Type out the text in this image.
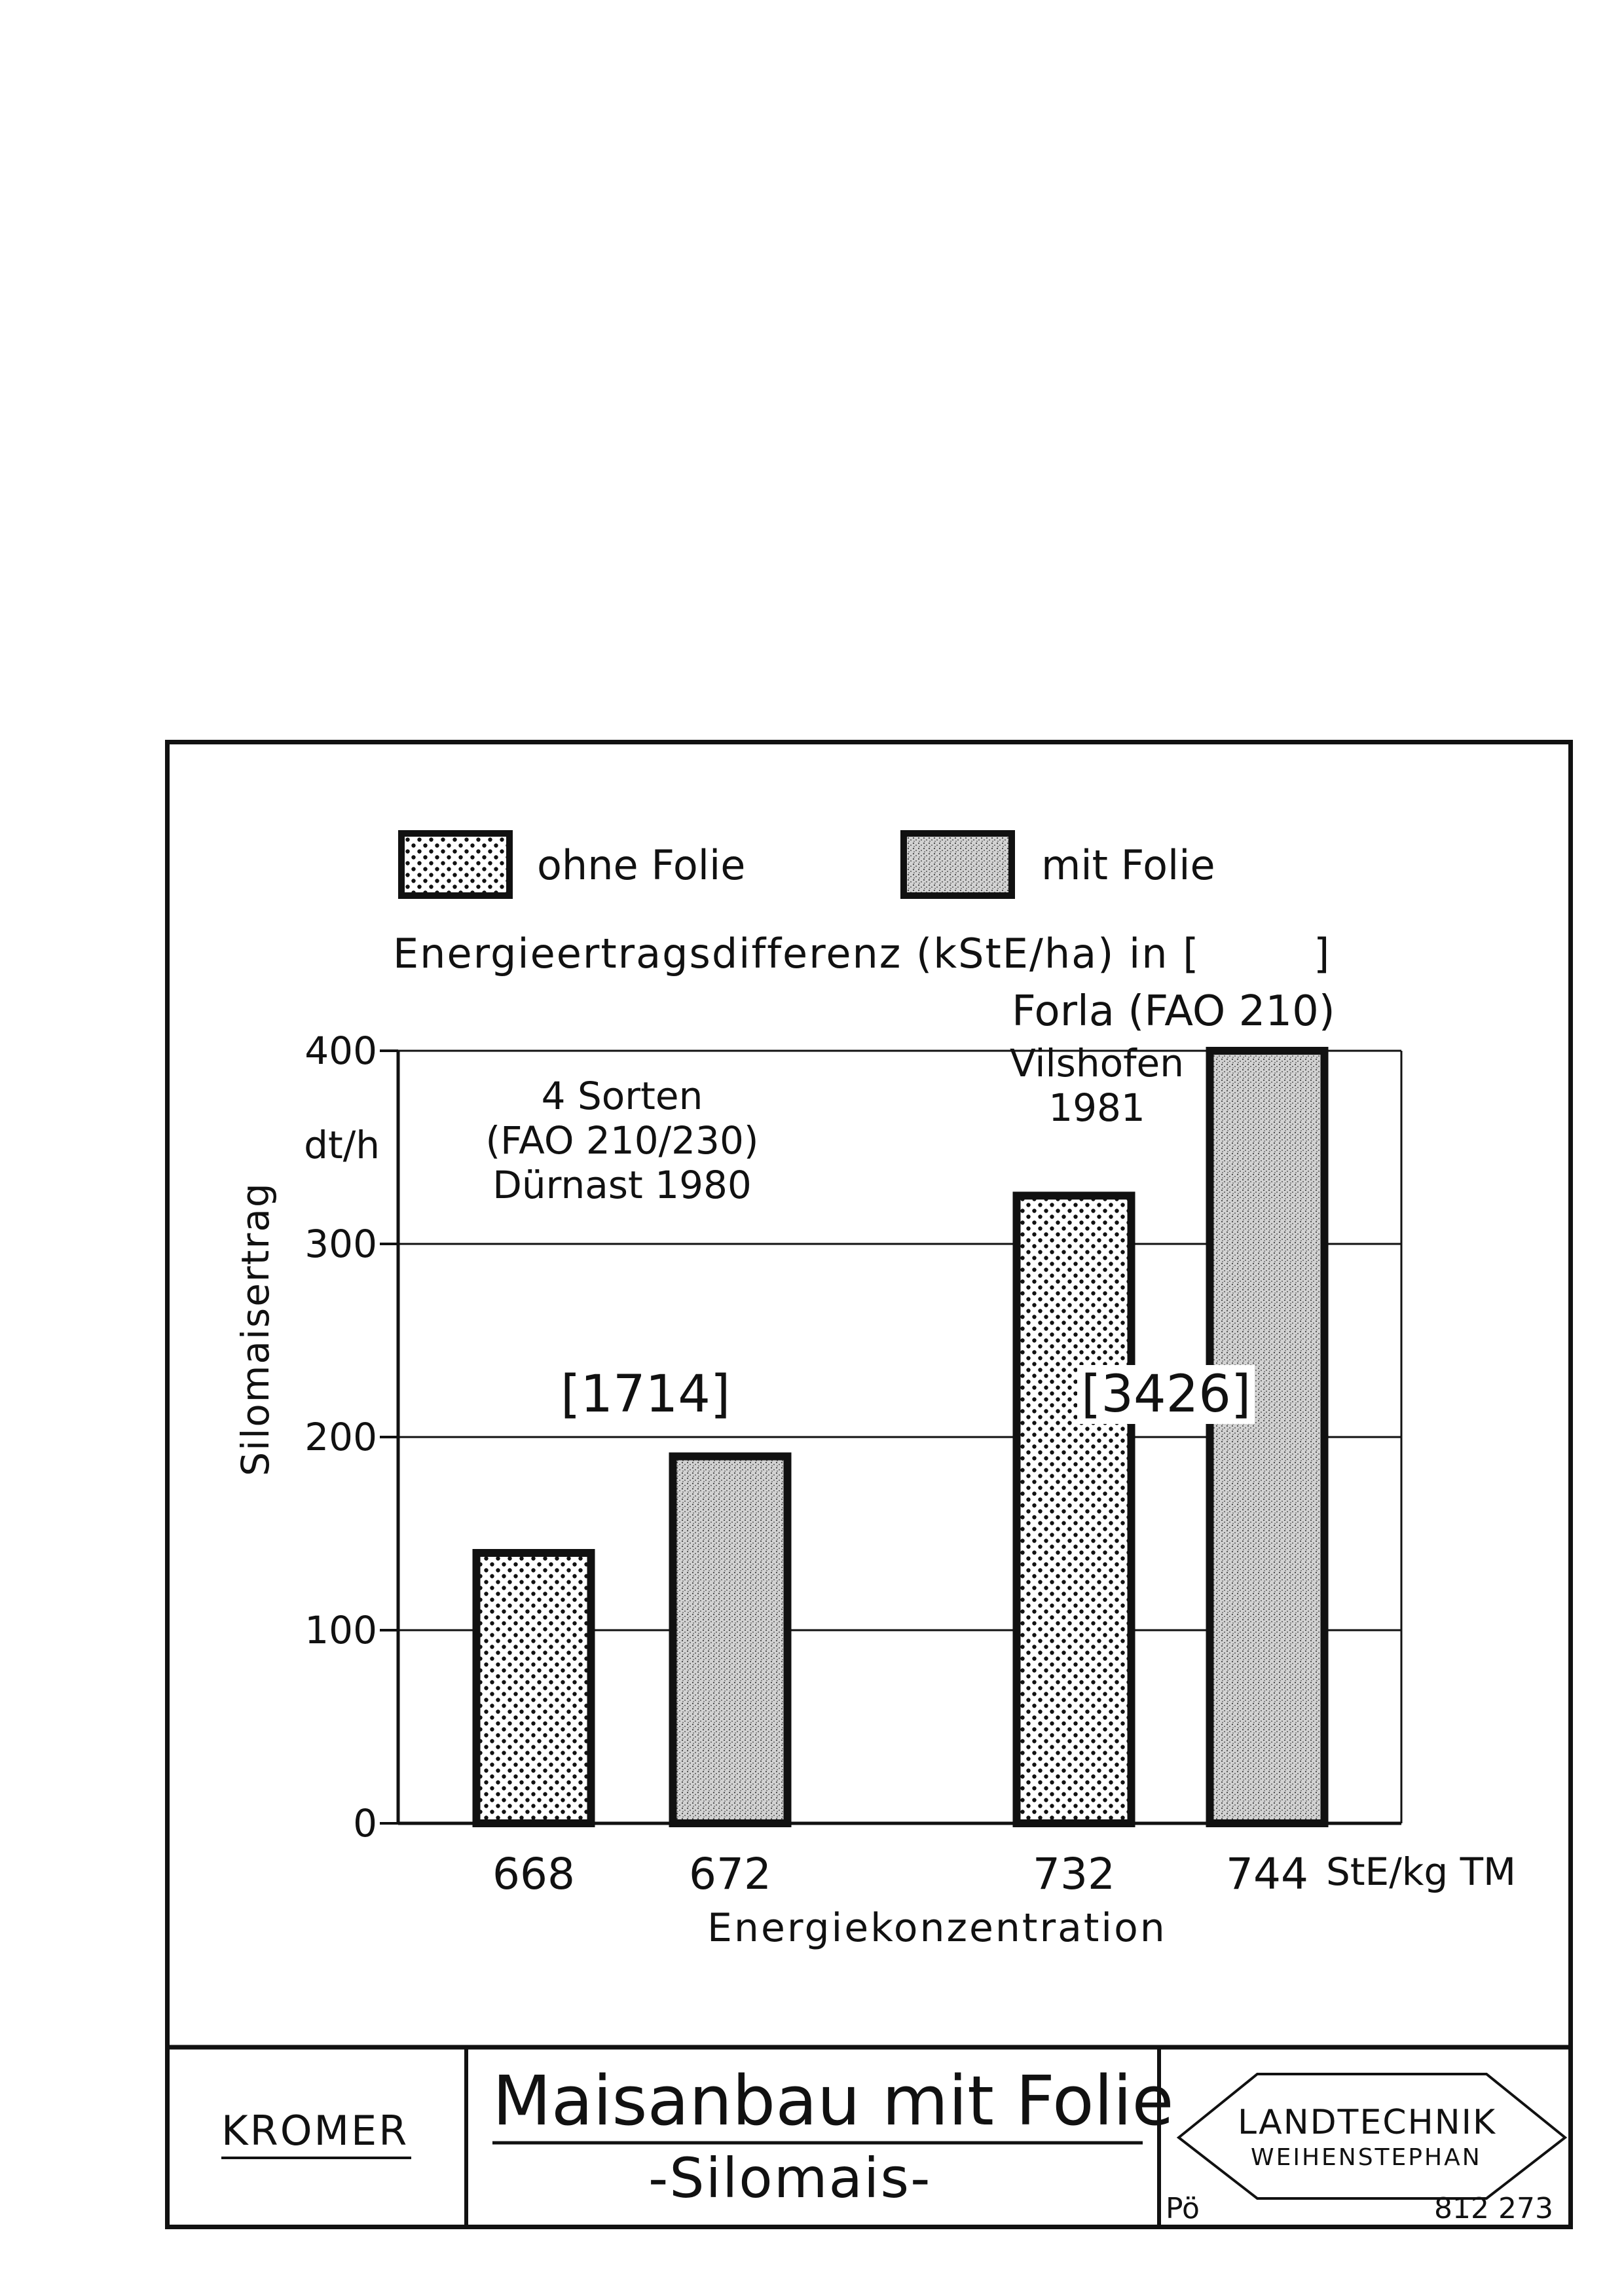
0
100
200
300
400
668	672	732	744
ohne Folie	mit Folie
Energieertragsdifferenz (kStE/ha) in [        ]
dt/h
Silomaisertrag
Energiekonzentration
StE/kg TM
4 Sorten
(FAO 210/230)
Dürnast 1980
Forla (FAO 210)
Vilshofen
1981
[1714]	[3426]
KROMER Maisanbau mit Folie
-Silomais-
LANDTECHNIK
WEIHENSTEPHAN
Pö	812 273
